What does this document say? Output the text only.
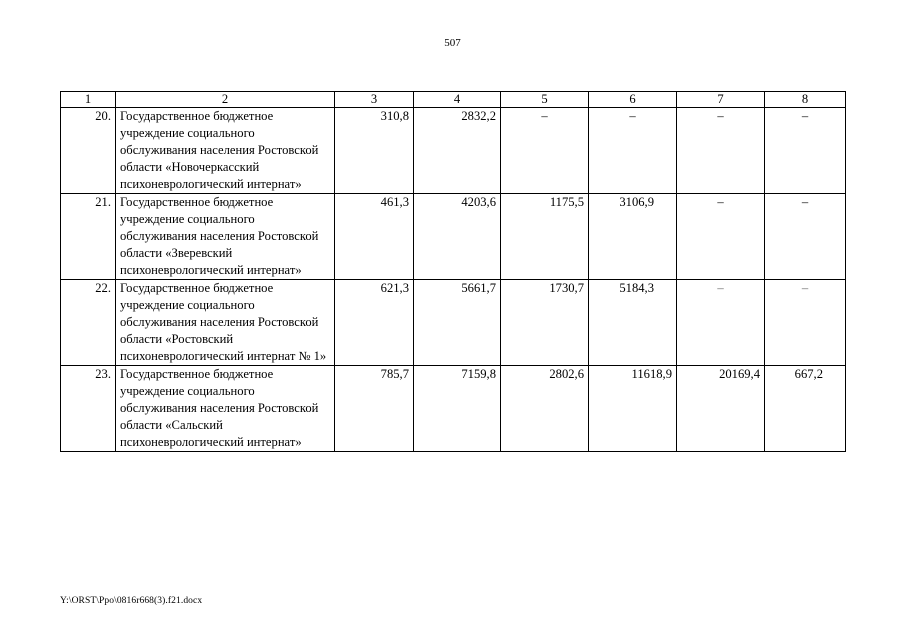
507
1	2	3	4	5	6	7	8
20.	Государственное бюджетное учреждение социального обслуживания населения Ростовской области «Новочеркасский психоневрологический интернат»	310,8	2832,2	–	–	–	–
21.	Государственное бюджетное учреждение социального обслуживания населения Ростовской области «Зверевский психоневрологический интернат»	461,3	4203,6	1175,5	3106,9	–	–
22.	Государственное бюджетное учреждение социального обслуживания населения Ростовской области «Ростовский психоневрологический интернат № 1»	621,3	5661,7	1730,7	5184,3	–	–
23.	Государственное бюджетное учреждение социального обслуживания населения Ростовской области «Сальский психоневрологический интернат»	785,7	7159,8	2802,6	11618,9	20169,4	667,2
Y:\ORST\Ppo\0816r668(3).f21.docx
